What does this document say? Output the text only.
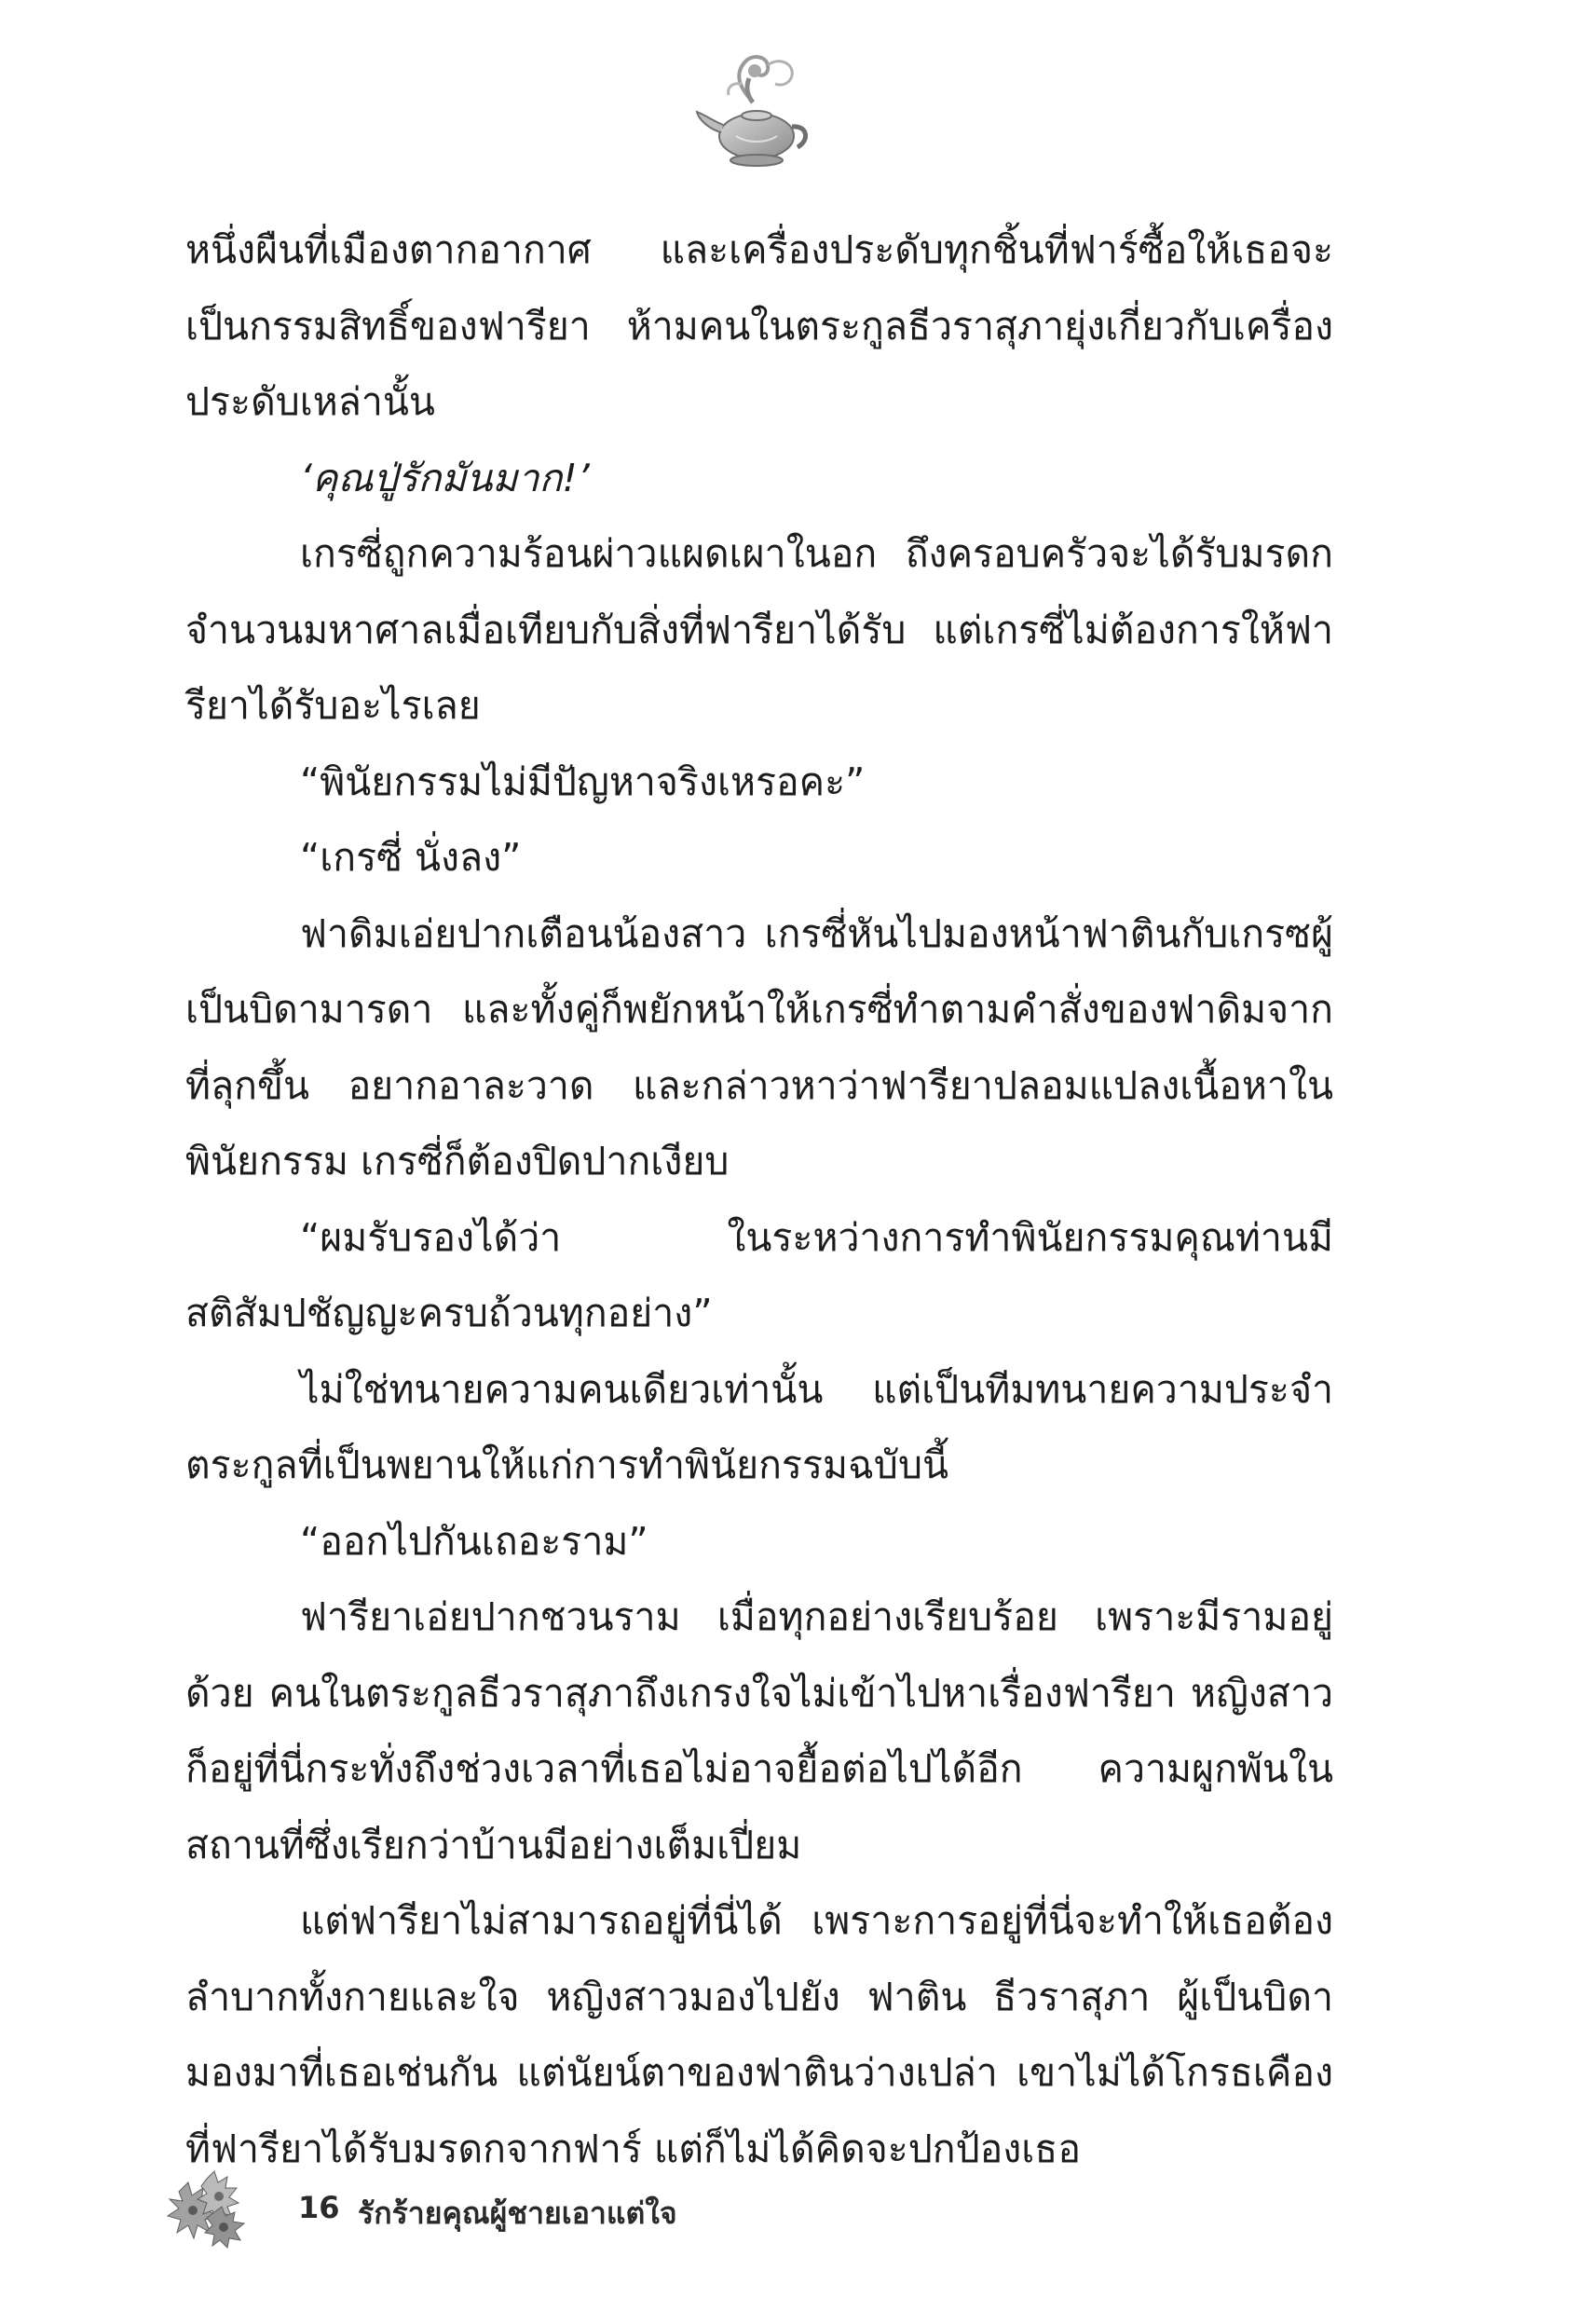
หนึ่งผืนที่เมืองตากอากาศ และเครื่องประดับทุกชิ้นที่ฟาร์ซื้อให้เธอจะเป็นกรรมสิทธิ์ของฟารียา ห้ามคนในตระกูลธีวราสุภายุ่งเกี่ยวกับเครื่องประดับเหล่านั้น

‘คุณปู่รักมันมาก!’

เกรซี่ถูกความร้อนผ่าวแผดเผาในอก ถึงครอบครัวจะได้รับมรดกจำนวนมหาศาลเมื่อเทียบกับสิ่งที่ฟารียาได้รับ แต่เกรซี่ไม่ต้องการให้ฟารียาได้รับอะไรเลย

“พินัยกรรมไม่มีปัญหาจริงเหรอคะ”

“เกรซี่ นั่งลง”

ฟาดิมเอ่ยปากเตือนน้องสาว เกรซี่หันไปมองหน้าฟาตินกับเกรซผู้เป็นบิดามารดา และทั้งคู่ก็พยักหน้าให้เกรซี่ทำตามคำสั่งของฟาดิมจากที่ลุกขึ้น อยากอาละวาด และกล่าวหาว่าฟารียาปลอมแปลงเนื้อหาในพินัยกรรม เกรซี่ก็ต้องปิดปากเงียบ

“ผมรับรองได้ว่า ในระหว่างการทำพินัยกรรมคุณท่านมีสติสัมปชัญญะครบถ้วนทุกอย่าง”

ไม่ใช่ทนายความคนเดียวเท่านั้น แต่เป็นทีมทนายความประจำตระกูลที่เป็นพยานให้แก่การทำพินัยกรรมฉบับนี้

“ออกไปกันเถอะราม”

ฟารียาเอ่ยปากชวนราม เมื่อทุกอย่างเรียบร้อย เพราะมีรามอยู่ด้วย คนในตระกูลธีวราสุภาถึงเกรงใจไม่เข้าไปหาเรื่องฟารียา หญิงสาวก็อยู่ที่นี่กระทั่งถึงช่วงเวลาที่เธอไม่อาจยื้อต่อไปได้อีก ความผูกพันในสถานที่ซึ่งเรียกว่าบ้านมีอย่างเต็มเปี่ยม

แต่ฟารียาไม่สามารถอยู่ที่นี่ได้ เพราะการอยู่ที่นี่จะทำให้เธอต้องลำบากทั้งกายและใจ หญิงสาวมองไปยัง ฟาติน ธีวราสุภา ผู้เป็นบิดามองมาที่เธอเช่นกัน แต่นัยน์ตาของฟาตินว่างเปล่า เขาไม่ได้โกรธเคืองที่ฟารียาได้รับมรดกจากฟาร์ แต่ก็ไม่ได้คิดจะปกป้องเธอ

16 รักร้ายคุณผู้ชายเอาแต่ใจ
